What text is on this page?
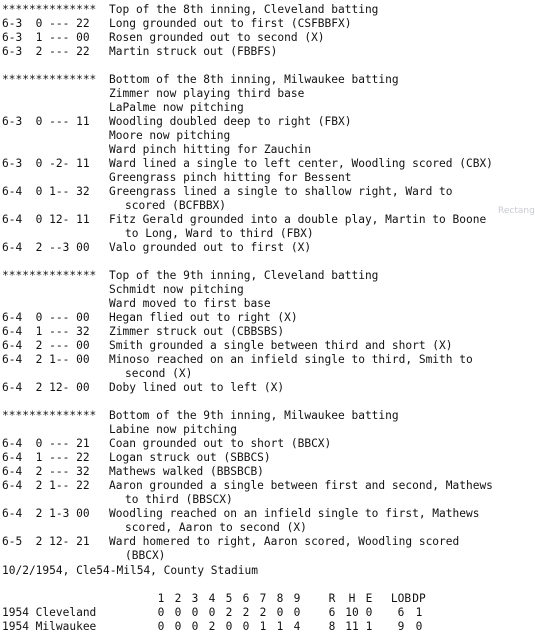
************** Top of the 8th inning, Cleveland batting
6-3  0 --- 22 Long grounded out to first (CSFBBFX)
6-3  1 --- 00 Rosen grounded out to second (X)
6-3  2 --- 22 Martin struck out (FBBFS)
************** Bottom of the 8th inning, Milwaukee batting
Zimmer now playing third base
LaPalme now pitching
6-3  0 --- 11 Woodling doubled deep to right (FBX)
Moore now pitching
Ward pinch hitting for Zauchin
6-3  0 -2- 11 Ward lined a single to left center, Woodling scored (CBX)
Greengrass pinch hitting for Bessent
6-4  0 1-- 32 Greengrass lined a single to shallow right, Ward to
scored (BCFBBX)
6-4  0 12- 11 Fitz Gerald grounded into a double play, Martin to Boone
to Long, Ward to third (FBX)
6-4  2 --3 00 Valo grounded out to first (X)
************** Top of the 9th inning, Cleveland batting
Schmidt now pitching
Ward moved to first base
6-4  0 --- 00 Hegan flied out to right (X)
6-4  1 --- 32 Zimmer struck out (CBBSBS)
6-4  2 --- 00 Smith grounded a single between third and short (X)
6-4  2 1-- 00 Minoso reached on an infield single to third, Smith to
second (X)
6-4  2 12- 00 Doby lined out to left (X)
************** Bottom of the 9th inning, Milwaukee batting
Labine now pitching
6-4  0 --- 21 Coan grounded out to short (BBCX)
6-4  1 --- 22 Logan struck out (SBBCS)
6-4  2 --- 32 Mathews walked (BBSBCB)
6-4  2 1-- 22 Aaron grounded a single between first and second, Mathews
to third (BBSCX)
6-4  2 1-3 00 Woodling reached on an infield single to first, Mathews
scored, Aaron to second (X)
6-5  2 12- 21 Ward homered to right, Aaron scored, Woodling scored
(BBCX)
Rectang
10/2/1954, Cle54-Mil54, County Stadium
1 2 3 4 5 6 7 8 9	R	H E	LOB DP
1954 Cleveland	0 0 0 0 2 2 2 0 0	6 10 0	6	1
1954 Milwaukee	0 0 0 2 0 0 1 1 4	8 11 1	9	0
